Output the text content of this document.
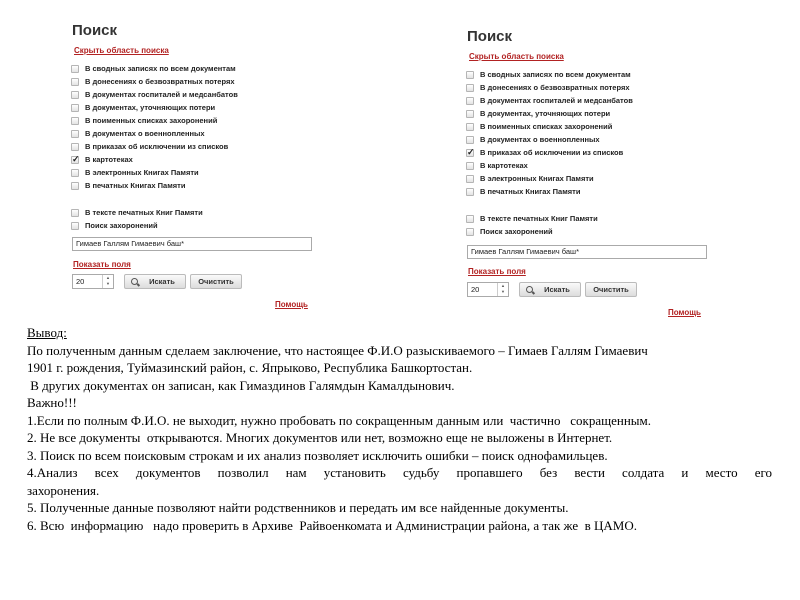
Поиск
Скрыть область поиска
В сводных записях по всем документам
В донесениях о безвозвратных потерях
В документах госпиталей и медсанбатов
В документах, уточняющих потери
В поименных списках захоронений
В документах о военнопленных
В приказах об исключении из списков
✓
В картотеках
В электронных Книгах Памяти
В печатных Книгах Памяти
В тексте печатных Книг Памяти
Поиск захоронений
Гимаев Галлям Гимаевич баш*
Показать поля
20	▲
▼	Искать	Очистить
Помощь
Поиск
Скрыть область поиска
В сводных записях по всем документам
В донесениях о безвозвратных потерях
В документах госпиталей и медсанбатов
В документах, уточняющих потери
В поименных списках захоронений
В документах о военнопленных
✓
В приказах об исключении из списков
В картотеках
В электронных Книгах Памяти
В печатных Книгах Памяти
В тексте печатных Книг Памяти
Поиск захоронений
Гимаев Галлям Гимаевич баш*
Показать поля
20	▲
▼	Искать	Очистить
Помощь
Вывод:
По полученным данным сделаем заключение, что настоящее Ф.И.О разыскиваемого – Гимаев Галлям Гимаевич
1901 г. рождения, Туймазинский район, с. Япрыково, Республика Башкортостан.
В других документах он записан, как Гимаздинов Галямдын Камалдынович.
Важно!!!
1.Если по полным Ф.И.О. не выходит, нужно пробовать по сокращенным данным или  частично   сокращенным.
2. Не все документы  открываются. Многих документов или нет, возможно еще не выложены в Интернет.
3. Поиск по всем поисковым строкам и их анализ позволяет исключить ошибки – поиск однофамильцев.
4.Анализ всех документов позволил нам установить судьбу пропавшего без вести солдата и место его
захоронения.
5. Полученные данные позволяют найти родственников и передать им все найденные документы.
6. Всю  информацию   надо проверить в Архиве  Райвоенкомата и Администрации района, а так же  в ЦАМО.
